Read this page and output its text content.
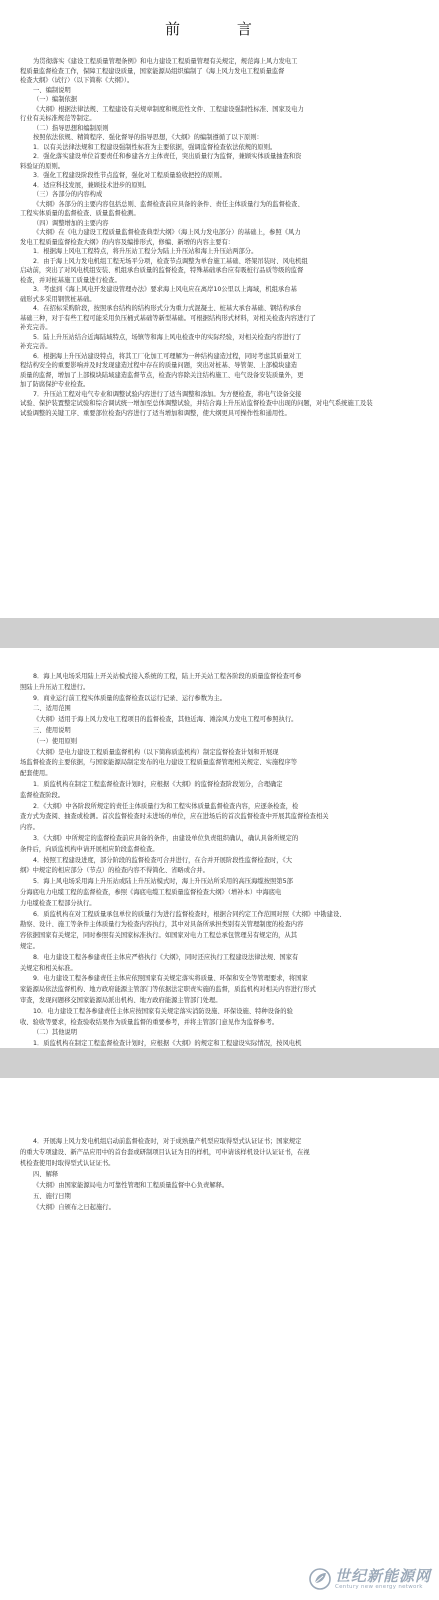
前 言
为贯彻落实《建设工程质量管理条例》和电力建设工程质量管理有关规定，规范海上风力发电工
程质量监督检查工作，保障工程建设质量，国家能源局组织编制了《海上风力发电工程质量监督
检查大纲》（试行）（以下简称《大纲》）。
一、编制说明
（一）编制依据
《大纲》根据法律法规、工程建设有关规章制度和规范性文件、工程建设强制性标准、国家及电力
行业有关标准规范等制定。
（二）指导思想和编制原则
按照依法依规、精简程序、强化督导的指导思想，《大纲》的编制遵循了以下原则：
1．以有关法律法规和工程建设强制性标准为主要依据，强调监督检查依法依规的原则。
2．强化落实建设单位首要责任和参建各方主体责任，突出质量行为监督，兼顾实体质量抽查和资
料验证的原则。
3．强化工程建设阶段性节点监督，强化对工程质量验收把控的原则。
4．适应科技发展，兼顾技术进步的原则。
（三）各部分的内容构成
《大纲》各部分的主要内容包括总则、监督检查前应具备的条件、责任主体质量行为的监督检查、
工程实体质量的监督检查、质量监督检测。
（四）调整增加的主要内容
《大纲》在《电力建设工程质量监督检查典型大纲》（海上风力发电部分）的基础上，参照《风力
发电工程质量监督检查大纲》的内容及编排形式，修编、新增的内容主要有：
1．根据海上风电工程特点，将升压站工程分为陆上升压站和海上升压站两部分。
2．由于海上风力发电机组工程无场平分项，检查节点调整为单台施工基础、塔架吊装时、风电机组
启动前，突出了对风电机组安装、机组承台质量的监督检查，特殊基础承台应有吸桩行品质等级的监督
检查，并对桩基施工质量进行检查。
3．考虑到《海上风电开发建设管理办法》要求海上风电应在离岸10公里以上海域，机组承台基
础形式多采用钢管桩基础。
4．在招标采购阶段，按照承台结构的结构形式分为重力式混凝土、桩基大承台基础、钢结构承台
基础三种，对于有些工程可能采用负压桶式基础等新型基础。可根据结构形式材料，对相关检查内容进行了
补充完善。
5．陆上升压站结合近海陆域特点，场镇等和海上风电检查中的实际经验，对相关检查内容进行了
补充完善。
6．根据海上升压站建设特点，将其工厂化加工可理解为一种结构建造过程，同时考虑其质量对工
程结构安全的重要影响并及时发现建造过程中存在的质量问题，突出对桩基、导管架、上部模块建造
质量的监督，增加了上部模块陆域建造监督节点，检查内容除关注结构施工、电气设备安装质量外，更
加了防腐保护专业检查。
7．升压站工程对电气专业和调整试验内容进行了适当调整和添加。为方便检查，将电气设备交接
试验、保护装置整定试验和综合调试统一增加至总体调整试验，并结合海上升压站监督检查中出现的问题，对电气系统施工及装
试验调整的关键工序、重要部位检查内容进行了适当增加和调整，使大纲更具可操作性和通用性。
8．海上风电场采用陆上开关站模式接入系统的工程，陆上开关站工程各阶段的质量监督检查可参
照陆上升压站工程进行。
9．商业运行前工程实体质量的监督检查以运行记录、运行参数为主。
二、适用范围
《大纲》适用于海上风力发电工程项目的监督检查，其他近海、滩涂风力发电工程可参照执行。
三、使用说明
（一）使用原则
《大纲》是电力建设工程质量监督机构（以下简称质监机构）制定监督检查计划和开展现
场监督检查的主要依据，与国家能源局制定发布的电力建设工程质量监督管理相关规定、实施程序等
配套使用。
1．质监机构在制定工程监督检查计划时，应根据《大纲》的监督检查阶段划分，合理确定
监督检查阶段。
2．《大纲》中各阶段所规定的责任主体质量行为和工程实体质量监督检查内容，应逐条检查，检
查方式为查阅、抽查或检测。首次监督检查时未进场的单位，应在进场后的首次监督检查中开展其监督检查相关
内容。
3．《大纲》中所规定的监督检查前应具备的条件，由建设单位负责组织确认，确认具备所规定的
条件后，向质监机构申请开展相应阶段监督检查。
4．按照工程建设进度，部分阶段的监督检查可合并进行，在合并开展阶段性监督检查时，《大
纲》中规定的相应部分（节点）的检查内容不得简化、省略或合并。
5．海上风电场采用海上升压站或陆上升压站模式时，海上升压站所采用的高压海缆按照第5部
分海底电力电缆工程的监督检查，参照《海底电缆工程质量监督检查大纲》（增补本）中海底电
力电缆检查工程部分执行。
6．质监机构在对工程质量承包单位的质量行为进行监督检查时，根据合同约定工作范围对照《大纲》中勘建设、
勘察、设计、施工等条件主体质量行为检查内容执行，其中对具备所承担类别有关管理制度的检查内容
容依据国家有关规定，同时参照有关国家标准执行。如国家对电力工程总承包管理另有规定的，从其
规定。
8．电力建设工程各参建责任主体应严格执行《大纲》，同时还应执行工程建设法律法规、国家有
关规定和相关标准。
9．电力建设工程各参建责任主体应依照国家有关规定落实将质量、环保和安全等管理要求，将国家
家能源局依法监督机构、地方政府能源主管部门等依据法定职责实施的监督，质监机构对相关内容进行形式
审查，发现问题移交国家能源局派出机构、地方政府能源主管部门处理。
10．电力建设工程各参建责任主体应按国家有关规定落实消防设施、环保设施、特种设备的验
收、验收等要求，检查验收结果作为质量监督的重要参考，并将主管部门意见作为监督参考。
（二）其他说明
1．质监机构在制定工程监督检查计划时，应根据《大纲》的规定和工程建设实际情况，按风电机
4．开展海上风力发电机组启动前监督检查时，对于成熟量产机型应取得型式认证证书；国家规定
的重大专项建设、新产品应用中的首台套或研制项目认证为目的样机，可申请该样机设计认证证书，在视
机检查使用时取得型式认证证书。
四、解释
《大纲》由国家能源局电力可靠性管理和工程质量监督中心负责解释。
五、施行日期
《大纲》自颁布之日起施行。
世纪新能源网
Century new energy network
